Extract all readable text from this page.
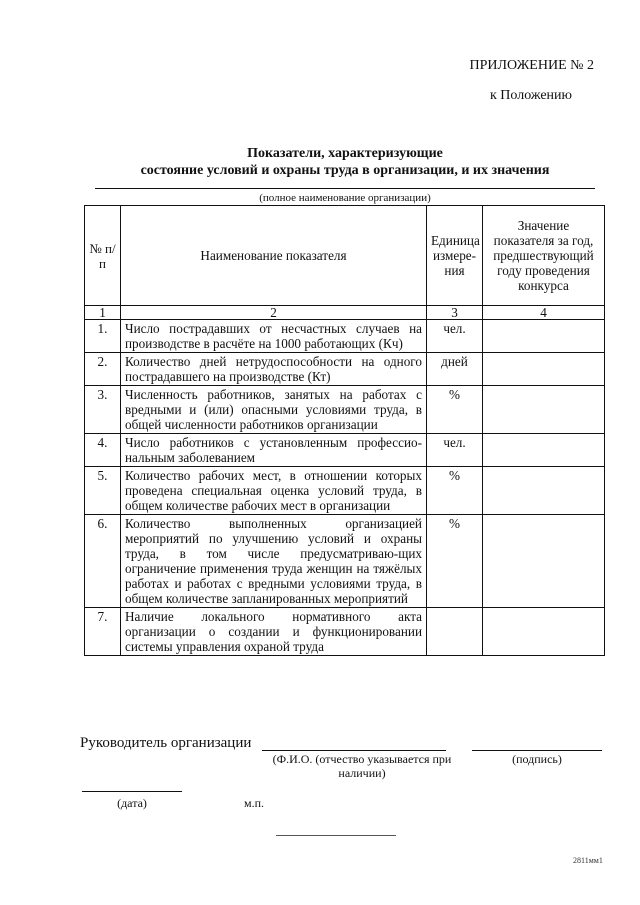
ПРИЛОЖЕНИЕ № 2
к Положению
Показатели, характеризующие
состояние условий и охраны труда в организации, и их значения
(полное наименование организации)
№ п/п	Наименование показателя	Единица измере-ния	Значение показателя за год, предшествующий году проведения конкурса
1	2	3	4
1.	Число пострадавших от несчастных случаев на производстве в расчёте на 1000 работающих (Кч)	чел.	
2.	Количество дней нетрудоспособности на одного пострадавшего на производстве (Кт)	дней	
3.	Численность работников, занятых на работах с вредными и (или) опасными условиями труда, в общей численности работников организации	%	
4.	Число работников с установленным профессио-нальным заболеванием	чел.	
5.	Количество рабочих мест, в отношении которых проведена специальная оценка условий труда, в общем количестве рабочих мест в организации	%	
6.	Количество выполненных организацией мероприятий по улучшению условий и охраны труда, в том числе предусматриваю-щих ограничение применения труда женщин на тяжёлых работах и работах с вредными условиями труда, в общем количестве запланированных мероприятий	%	
7.	Наличие локального нормативного акта организации о создании и функционировании системы управления охраной труда		
Руководитель организации
(Ф.И.О. (отчество указывается при наличии)
(подпись)
(дата)	м.п.
2811мм1
